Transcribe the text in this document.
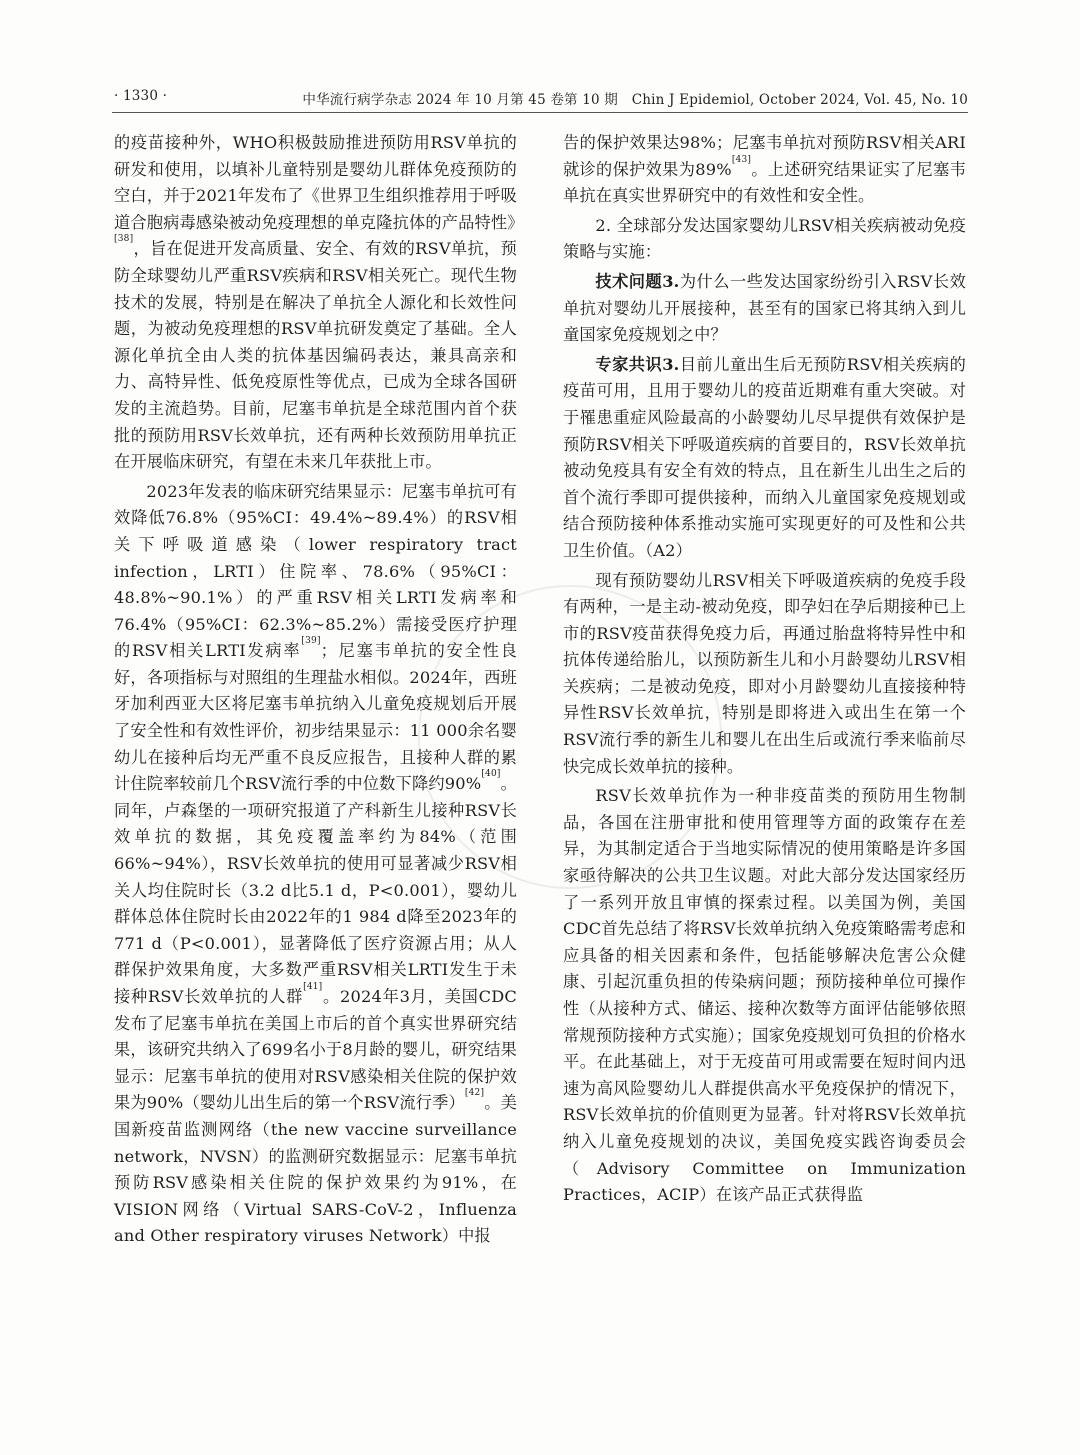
· 1330 ·	中华流行病学杂志 2024 年 10 月第 45 卷第 10 期　Chin J Epidemiol, October 2024, Vol. 45, No. 10

的疫苗接种外，WHO积极鼓励推进预防用RSV单抗的研发和使用，以填补儿童特别是婴幼儿群体免疫预防的空白，并于2021年发布了《世界卫生组织推荐用于呼吸道合胞病毒感染被动免疫理想的单克隆抗体的产品特性》[38]，旨在促进开发高质量、安全、有效的RSV单抗，预防全球婴幼儿严重RSV疾病和RSV相关死亡。现代生物技术的发展，特别是在解决了单抗全人源化和长效性问题，为被动免疫理想的RSV单抗研发奠定了基础。全人源化单抗全由人类的抗体基因编码表达，兼具高亲和力、高特异性、低免疫原性等优点，已成为全球各国研发的主流趋势。目前，尼塞韦单抗是全球范围内首个获批的预防用RSV长效单抗，还有两种长效预防用单抗正在开展临床研究，有望在未来几年获批上市。

2023年发表的临床研究结果显示：尼塞韦单抗可有效降低76.8%（95%CI：49.4%~89.4%）的RSV相关下呼吸道感染（lower respiratory tract infection，LRTI）住院率、78.6%（95%CI：48.8%~90.1%）的严重RSV相关LRTI发病率和76.4%（95%CI：62.3%~85.2%）需接受医疗护理的RSV相关LRTI发病率[39]；尼塞韦单抗的安全性良好，各项指标与对照组的生理盐水相似。2024年，西班牙加利西亚大区将尼塞韦单抗纳入儿童免疫规划后开展了安全性和有效性评价，初步结果显示：11 000余名婴幼儿在接种后均无严重不良反应报告，且接种人群的累计住院率较前几个RSV流行季的中位数下降约90%[40]。同年，卢森堡的一项研究报道了产科新生儿接种RSV长效单抗的数据，其免疫覆盖率约为84%（范围66%~94%），RSV长效单抗的使用可显著减少RSV相关人均住院时长（3.2 d比5.1 d，P<0.001），婴幼儿群体总体住院时长由2022年的1 984 d降至2023年的771 d（P<0.001），显著降低了医疗资源占用；从人群保护效果角度，大多数严重RSV相关LRTI发生于未接种RSV长效单抗的人群[41]。2024年3月，美国CDC发布了尼塞韦单抗在美国上市后的首个真实世界研究结果，该研究共纳入了699名小于8月龄的婴儿，研究结果显示：尼塞韦单抗的使用对RSV感染相关住院的保护效果为90%（婴幼儿出生后的第一个RSV流行季）[42]。美国新疫苗监测网络（the new vaccine surveillance network，NVSN）的监测研究数据显示：尼塞韦单抗预防RSV感染相关住院的保护效果约为91%，在VISION网络（Virtual SARS-CoV-2，Influenza and Other respiratory viruses Network）中报

告的保护效果达98%；尼塞韦单抗对预防RSV相关ARI就诊的保护效果为89%[43]。上述研究结果证实了尼塞韦单抗在真实世界研究中的有效性和安全性。

2. 全球部分发达国家婴幼儿RSV相关疾病被动免疫策略与实施：

技术问题3.为什么一些发达国家纷纷引入RSV长效单抗对婴幼儿开展接种，甚至有的国家已将其纳入到儿童国家免疫规划之中？

专家共识3.目前儿童出生后无预防RSV相关疾病的疫苗可用，且用于婴幼儿的疫苗近期难有重大突破。对于罹患重症风险最高的小龄婴幼儿尽早提供有效保护是预防RSV相关下呼吸道疾病的首要目的，RSV长效单抗被动免疫具有安全有效的特点，且在新生儿出生之后的首个流行季即可提供接种，而纳入儿童国家免疫规划或结合预防接种体系推动实施可实现更好的可及性和公共卫生价值。（A2）

现有预防婴幼儿RSV相关下呼吸道疾病的免疫手段有两种，一是主动-被动免疫，即孕妇在孕后期接种已上市的RSV疫苗获得免疫力后，再通过胎盘将特异性中和抗体传递给胎儿，以预防新生儿和小月龄婴幼儿RSV相关疾病；二是被动免疫，即对小月龄婴幼儿直接接种特异性RSV长效单抗，特别是即将进入或出生在第一个RSV流行季的新生儿和婴儿在出生后或流行季来临前尽快完成长效单抗的接种。

RSV长效单抗作为一种非疫苗类的预防用生物制品，各国在注册审批和使用管理等方面的政策存在差异，为其制定适合于当地实际情况的使用策略是许多国家亟待解决的公共卫生议题。对此大部分发达国家经历了一系列开放且审慎的探索过程。以美国为例，美国CDC首先总结了将RSV长效单抗纳入免疫策略需考虑和应具备的相关因素和条件，包括能够解决危害公众健康、引起沉重负担的传染病问题；预防接种单位可操作性（从接种方式、储运、接种次数等方面评估能够依照常规预防接种方式实施）；国家免疫规划可负担的价格水平。在此基础上，对于无疫苗可用或需要在短时间内迅速为高风险婴幼儿人群提供高水平免疫保护的情况下，RSV长效单抗的价值则更为显著。针对将RSV长效单抗纳入儿童免疫规划的决议，美国免疫实践咨询委员会（Advisory Committee on Immunization Practices，ACIP）在该产品正式获得监
